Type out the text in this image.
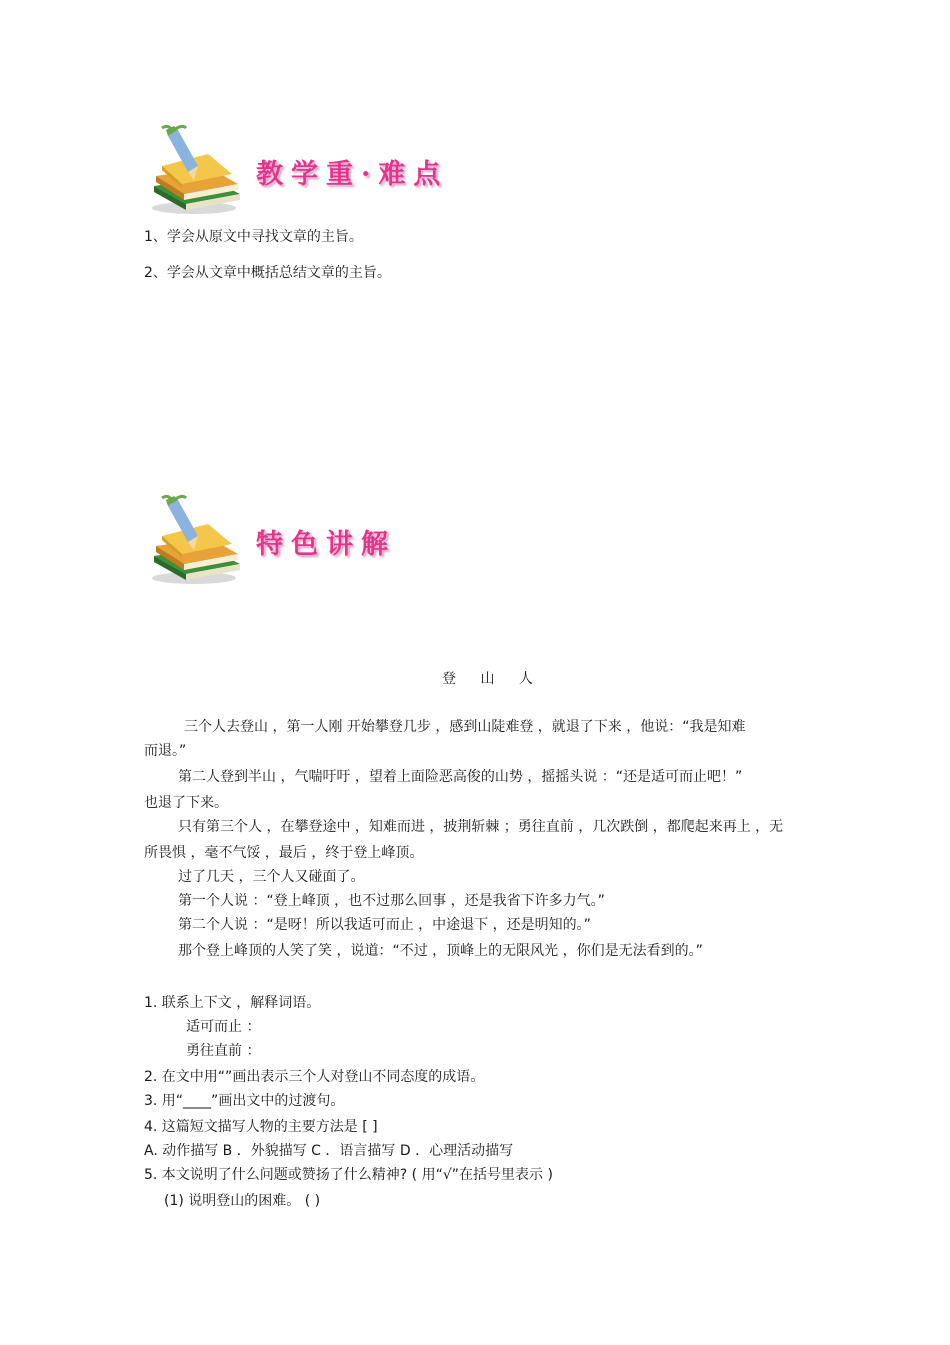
教学重·难点
1、学会从原文中寻找文章的主旨。
2、学会从文章中概括总结文章的主旨。
特色讲解
登 山 人
三个人去登山 ，第一人刚 开始攀登几步 ，感到山陡难登 ，就退了下来 ，他说：“我是知难
而退。”
第二人登到半山 ，气喘吁吁 ，望着上面险恶高俊的山势 ，摇摇头说 ：“还是适可而止吧！”
也退了下来。
只有第三个人 ，在攀登途中 ，知难而进 ，披荆斩棘 ；勇往直前 ，几次跌倒 ，都爬起来再上 ，无
所畏惧 ，毫不气馁 ，最后 ，终于登上峰顶。
过了几天 ，三个人又碰面了。
第一个人说 ：“登上峰顶 ，也不过那么回事 ，还是我省下许多力气。”
第二个人说 ：“是呀！所以我适可而止 ，中途退下 ，还是明知的。”
那个登上峰顶的人笑了笑 ，说道：“不过 ，顶峰上的无限风光 ，你们是无法看到的。”
1. 联系上下文 ，解释词语。
适可而止 ：
勇往直前 ：
2. 在文中用“”画出表示三个人对登山不同态度的成语。
3. 用“____”画出文中的过渡句。
4. 这篇短文描写人物的主要方法是 [ ]
A. 动作描写 B ．外貌描写 C ．语言描写 D ．心理活动描写
5. 本文说明了什么问题或赞扬了什么精神? ( 用“√”在括号里表示 )
(1) 说明登山的困难。 ( )
